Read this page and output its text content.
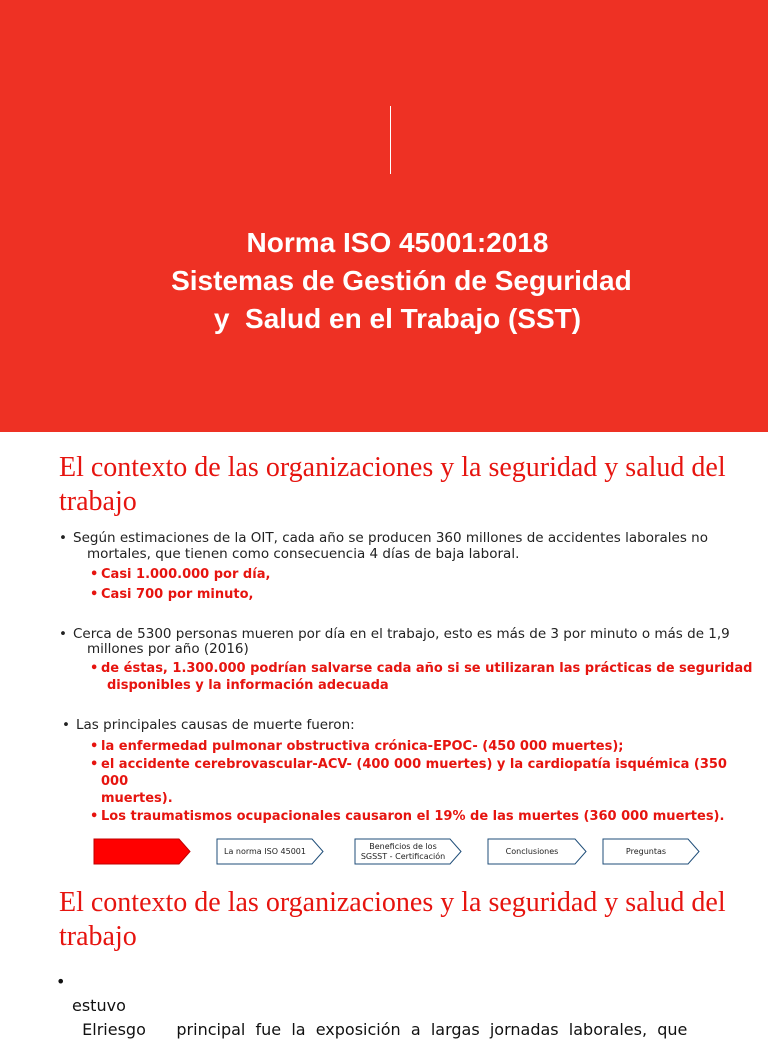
Norma ISO 45001:2018
Sistemas de Gestión de Seguridad
y  Salud en el Trabajo (SST)
El contexto de las organizaciones y la seguridad y salud del trabajo
• Según estimaciones de la OIT, cada año se producen 360 millones de accidentes laborales no
mortales, que tienen como consecuencia 4 días de baja laboral.
• Casi 1.000.000 por día,
• Casi 700 por minuto,
• Cerca de 5300 personas mueren por día en el trabajo, esto es más de 3 por minuto o más de 1,9
millones por año (2016)
• de éstas, 1.300.000 podrían salvarse cada año si se utilizaran las prácticas de seguridad
disponibles y la información adecuada
• Las principales causas de muerte fueron:
• la enfermedad pulmonar obstructiva crónica-EPOC- (450 000 muertes);
• el accidente cerebrovascular-ACV- (400 000 muertes) y la cardiopatía isquémica (350
000
muertes).
• Los traumatismos ocupacionales causaron el 19% de las muertes (360 000 muertes).
La norma ISO 45001
Beneficios de los
SGSST - Certificación
Conclusiones	Preguntas
El contexto de las organizaciones y la seguridad y salud del trabajo

•

Elriesgo      principal  fue  la  exposición  a  largas  jornadas  laborales,  que

estuvo
